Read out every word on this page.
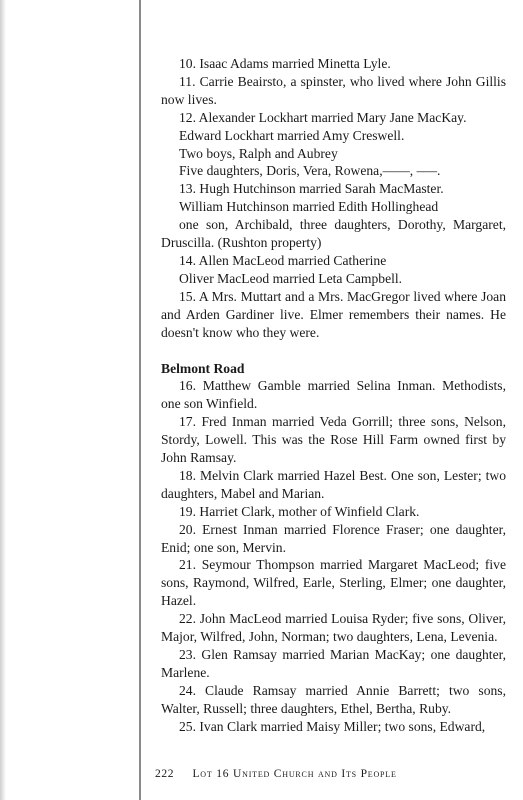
10. Isaac Adams married Minetta Lyle.

11. Carrie Beairsto, a spinster, who lived where John Gillis now lives.

12. Alexander Lockhart married Mary Jane MacKay.

Edward Lockhart married Amy Creswell.

Two boys, Ralph and Aubrey

Five daughters, Doris, Vera, Rowena,––––, –––.

13. Hugh Hutchinson married Sarah MacMaster.

William Hutchinson married Edith Hollinghead

one son, Archibald, three daughters, Dorothy, Margaret, Druscilla. (Rushton property)

14. Allen MacLeod married Catherine

Oliver MacLeod married Leta Campbell.

15. A Mrs. Muttart and a Mrs. MacGregor lived where Joan and Arden Gardiner live. Elmer remembers their names. He doesn't know who they were.

Belmont Road

16. Matthew Gamble married Selina Inman. Methodists, one son Winfield.

17. Fred Inman married Veda Gorrill; three sons, Nelson, Stordy, Lowell. This was the Rose Hill Farm owned first by John Ramsay.

18. Melvin Clark married Hazel Best. One son, Lester; two daughters, Mabel and Marian.

19. Harriet Clark, mother of Winfield Clark.

20. Ernest Inman married Florence Fraser; one daughter, Enid; one son, Mervin.

21. Seymour Thompson married Margaret MacLeod; five sons, Raymond, Wilfred, Earle, Sterling, Elmer; one daughter, Hazel.

22. John MacLeod married Louisa Ryder; five sons, Oliver, Major, Wilfred, John, Norman; two daughters, Lena, Levenia.

23. Glen Ramsay married Marian MacKay; one daughter, Marlene.

24. Claude Ramsay married Annie Barrett; two sons, Walter, Russell; three daughters, Ethel, Bertha, Ruby.

25. Ivan Clark married Maisy Miller; two sons, Edward,

222 Lot 16 United Church and Its People
